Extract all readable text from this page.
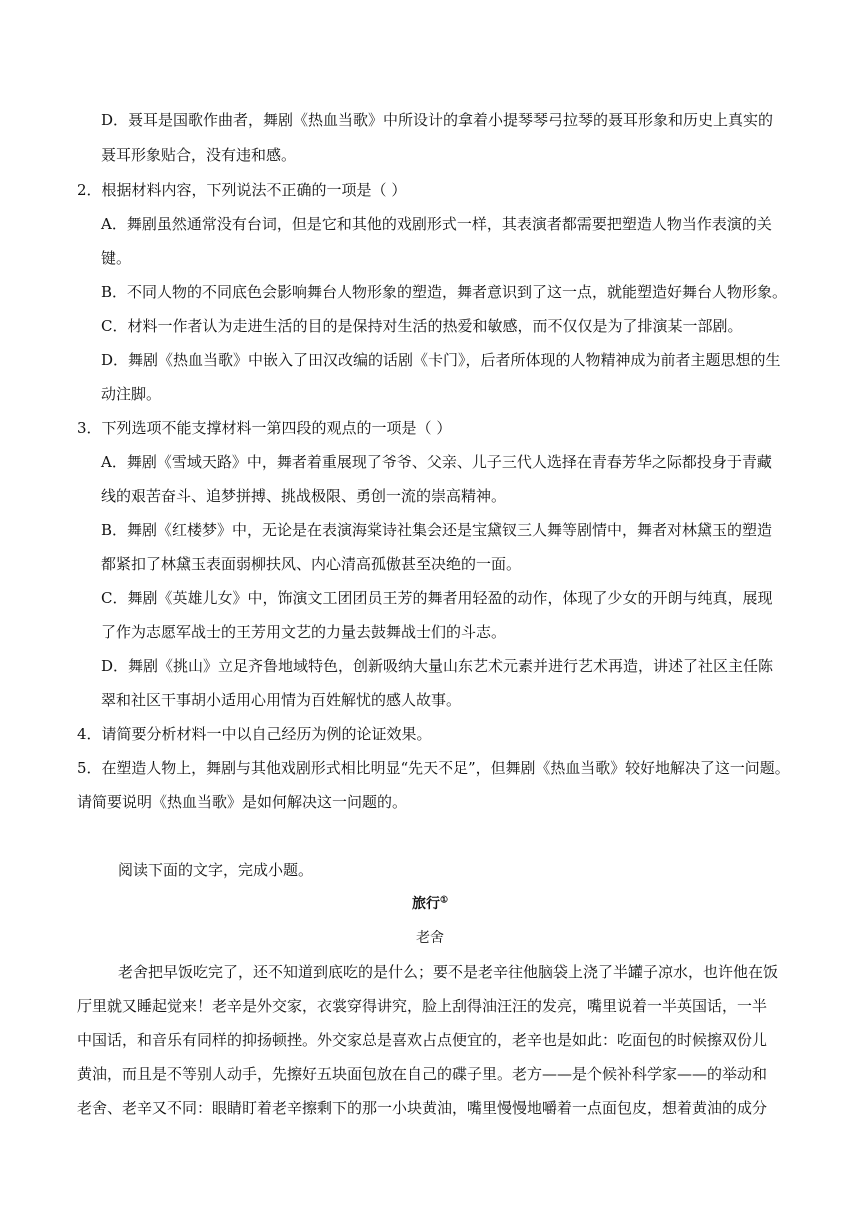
D．聂耳是国歌作曲者，舞剧《热血当歌》中所设计的拿着小提琴琴弓拉琴的聂耳形象和历史上真实的
聂耳形象贴合，没有违和感。
2．根据材料内容，下列说法不正确的一项是（ ）
A．舞剧虽然通常没有台词，但是它和其他的戏剧形式一样，其表演者都需要把塑造人物当作表演的关
键。
B．不同人物的不同底色会影响舞台人物形象的塑造，舞者意识到了这一点，就能塑造好舞台人物形象。
C．材料一作者认为走进生活的目的是保持对生活的热爱和敏感，而不仅仅是为了排演某一部剧。
D．舞剧《热血当歌》中嵌入了田汉改编的话剧《卡门》，后者所体现的人物精神成为前者主题思想的生
动注脚。
3．下列选项不能支撑材料一第四段的观点的一项是（ ）
A．舞剧《雪域天路》中，舞者着重展现了爷爷、父亲、儿子三代人选择在青春芳华之际都投身于青藏
线的艰苦奋斗、追梦拼搏、挑战极限、勇创一流的崇高精神。
B．舞剧《红楼梦》中，无论是在表演海棠诗社集会还是宝黛钗三人舞等剧情中，舞者对林黛玉的塑造
都紧扣了林黛玉表面弱柳扶风、内心清高孤傲甚至决绝的一面。
C．舞剧《英雄儿女》中，饰演文工团团员王芳的舞者用轻盈的动作，体现了少女的开朗与纯真，展现
了作为志愿军战士的王芳用文艺的力量去鼓舞战士们的斗志。
D．舞剧《挑山》立足齐鲁地域特色，创新吸纳大量山东艺术元素并进行艺术再造，讲述了社区主任陈
翠和社区干事胡小适用心用情为百姓解忧的感人故事。
4．请简要分析材料一中以自己经历为例的论证效果。
5．在塑造人物上，舞剧与其他戏剧形式相比明显“先天不足”，但舞剧《热血当歌》较好地解决了这一问题。
请简要说明《热血当歌》是如何解决这一问题的。
阅读下面的文字，完成小题。
旅行①
老舍
老舍把早饭吃完了，还不知道到底吃的是什么；要不是老辛往他脑袋上浇了半罐子凉水，也许他在饭
厅里就又睡起觉来！老辛是外交家，衣裳穿得讲究，脸上刮得油汪汪的发亮，嘴里说着一半英国话，一半
中国话，和音乐有同样的抑扬顿挫。外交家总是喜欢占点便宜的，老辛也是如此：吃面包的时候擦双份儿
黄油，而且是不等别人动手，先擦好五块面包放在自己的碟子里。老方——是个候补科学家——的举动和
老舍、老辛又不同：眼睛盯着老辛擦剩下的那一小块黄油，嘴里慢慢地嚼着一点面包皮，想着黄油的成分
